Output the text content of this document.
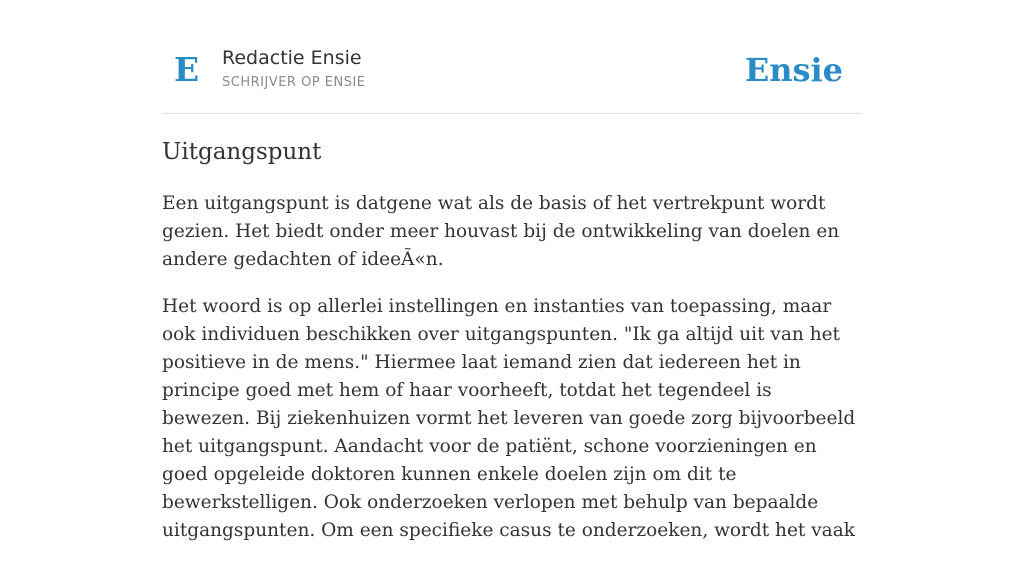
E Redactie Ensie
SCHRIJVER OP ENSIE	Ensie
Uitgangspunt

Een uitgangspunt is datgene wat als de basis of het vertrekpunt wordt gezien. Het biedt onder meer houvast bij de ontwikkeling van doelen en andere gedachten of ideeÃ«n.

Het woord is op allerlei instellingen en instanties van toepassing, maar ook individuen beschikken over uitgangspunten. "Ik ga altijd uit van het positieve in de mens." Hiermee laat iemand zien dat iedereen het in principe goed met hem of haar voorheeft, totdat het tegendeel is bewezen. Bij ziekenhuizen vormt het leveren van goede zorg bijvoorbeeld het uitgangspunt. Aandacht voor de patiënt, schone voorzieningen en goed opgeleide doktoren kunnen enkele doelen zijn om dit te bewerkstelligen. Ook onderzoeken verlopen met behulp van bepaalde uitgangspunten. Om een specifieke casus te onderzoeken, wordt het vaak
